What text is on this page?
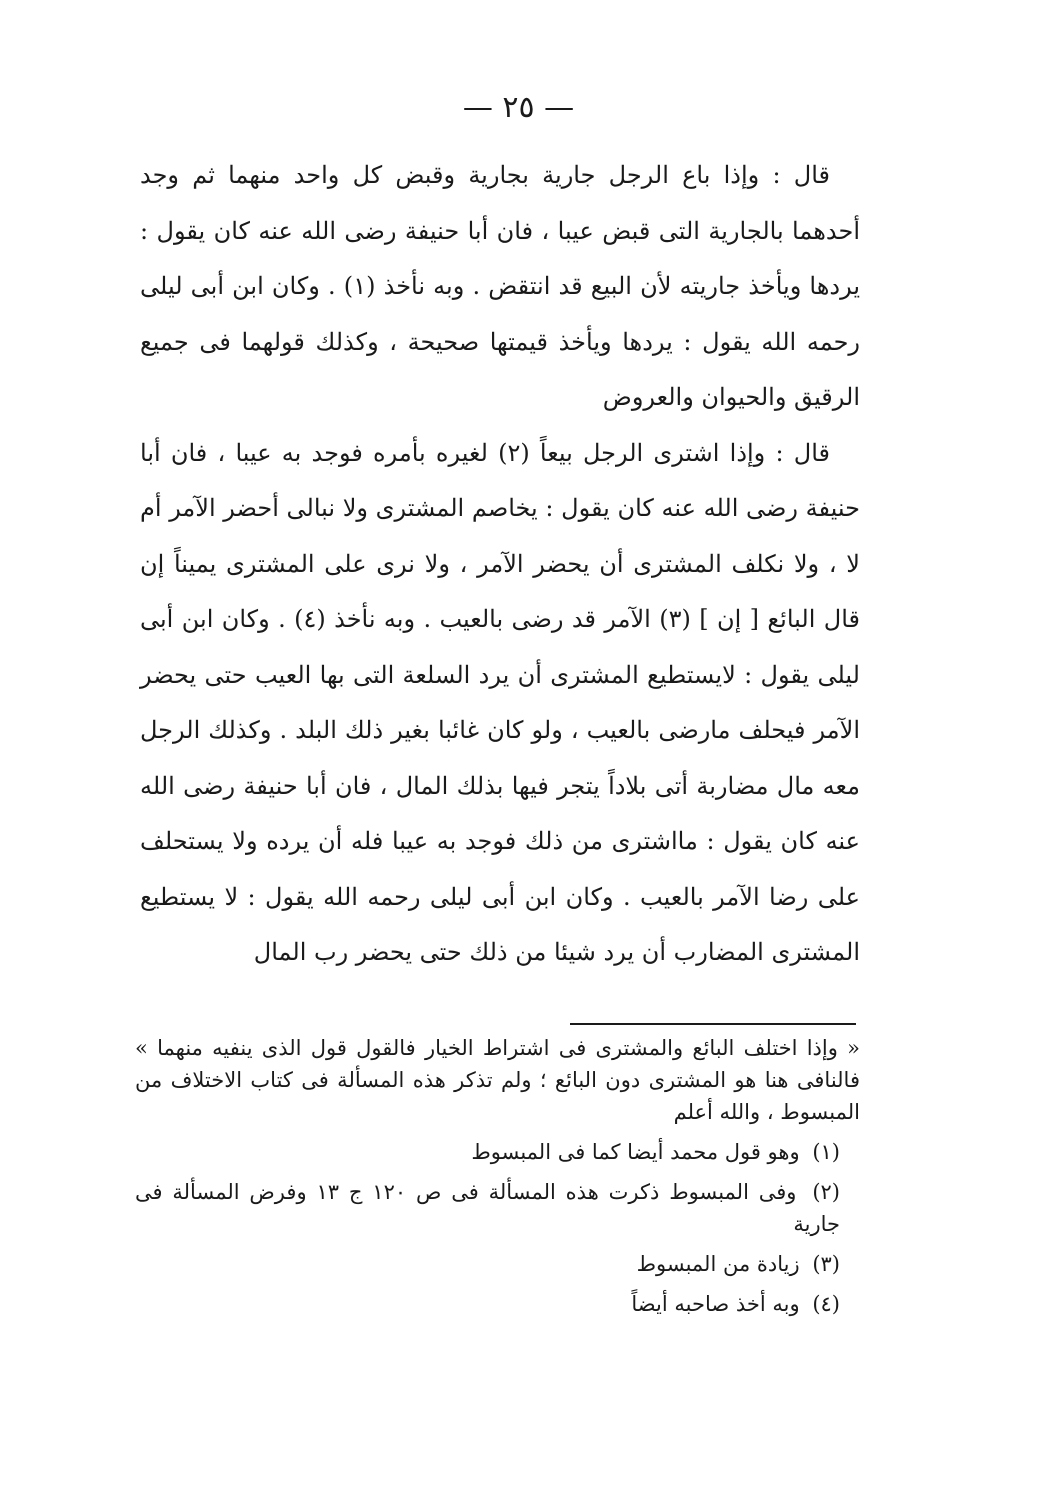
— ٢٥ —

قال : وإذا باع الرجل جارية بجارية وقبض كل واحد منهما ثم وجد أحدهما بالجارية التى قبض عيبا ، فان أبا حنيفة رضى الله عنه كان يقول : يردها ويأخذ جاريته لأن البيع قد انتقض . وبه نأخذ (١) . وكان ابن أبى ليلى رحمه الله يقول : يردها ويأخذ قيمتها صحيحة ، وكذلك قولهما فى جميع الرقيق والحيوان والعروض

قال : وإذا اشترى الرجل بيعاً (٢) لغيره بأمره فوجد به عيبا ، فان أبا حنيفة رضى الله عنه كان يقول : يخاصم المشترى ولا نبالى أحضر الآمر أم لا ، ولا نكلف المشترى أن يحضر الآمر ، ولا نرى على المشترى يميناً إن قال البائع [ إن ] (٣) الآمر قد رضى بالعيب . وبه نأخذ (٤) . وكان ابن أبى ليلى يقول : لايستطيع المشترى أن يرد السلعة التى بها العيب حتى يحضر الآمر فيحلف مارضى بالعيب ، ولو كان غائبا بغير ذلك البلد . وكذلك الرجل معه مال مضاربة أتى بلاداً يتجر فيها بذلك المال ، فان أبا حنيفة رضى الله عنه كان يقول : مااشترى من ذلك فوجد به عيبا فله أن يرده ولا يستحلف على رضا الآمر بالعيب . وكان ابن أبى ليلى رحمه الله يقول : لا يستطيع المشترى المضارب أن يرد شيئا من ذلك حتى يحضر رب المال

« وإذا اختلف البائع والمشترى فى اشتراط الخيار فالقول قول الذى ينفيه منهما » فالنافى هنا هو المشترى دون البائع ؛ ولم تذكر هذه المسألة فى كتاب الاختلاف من المبسوط ، والله أعلم

(١) وهو قول محمد أيضا كما فى المبسوط

(٢) وفى المبسوط ذكرت هذه المسألة فى ص ١٢٠ ج ١٣ وفرض المسألة فى جارية

(٣) زيادة من المبسوط

(٤) وبه أخذ صاحبه أيضاً
